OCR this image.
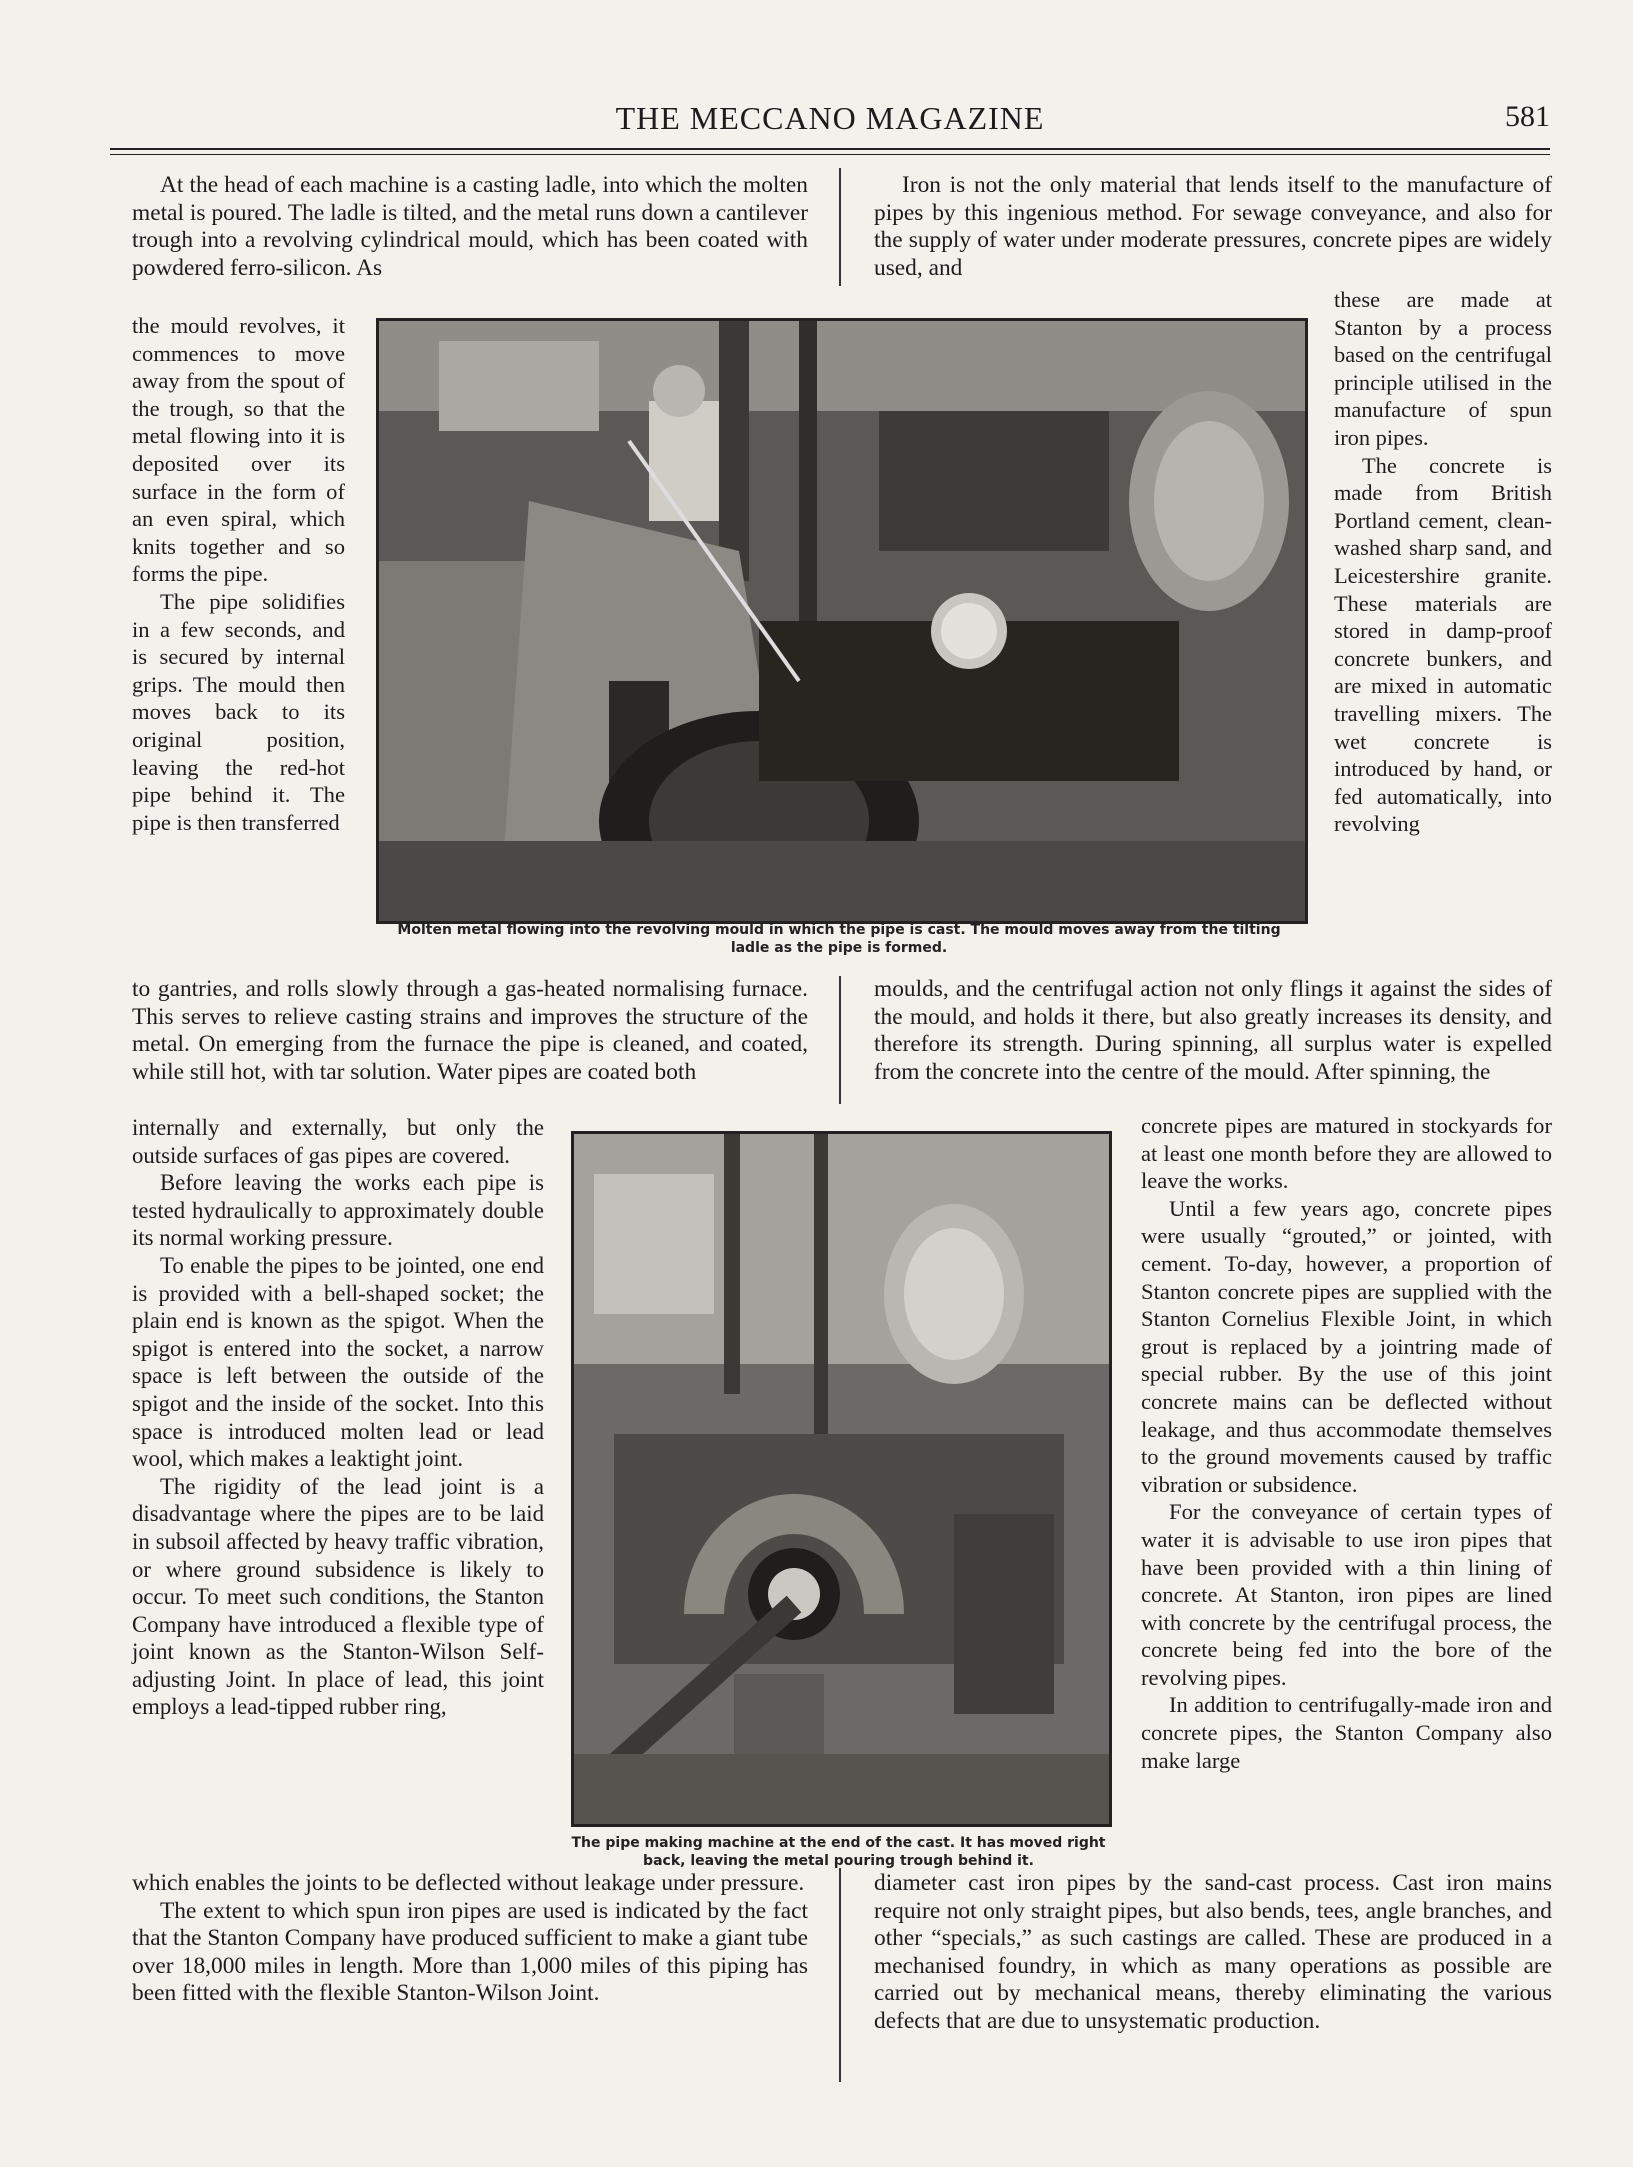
THE MECCANO MAGAZINE	581

At the head of each machine is a casting ladle, into which the molten metal is poured. The ladle is tilted, and the metal runs down a cantilever trough into a revolving cylindrical mould, which has been coated with powdered ferro-silicon. As

the mould revolves, it commences to move away from the spout of the trough, so that the metal flowing into it is deposited over its surface in the form of an even spiral, which knits together and so forms the pipe.

The pipe solidifies in a few seconds, and is secured by internal grips. The mould then moves back to its original position, leaving the red-hot pipe behind it. The pipe is then transferred

to gantries, and rolls slowly through a gas-heated normalising furnace. This serves to relieve casting strains and improves the structure of the metal. On emerging from the furnace the pipe is cleaned, and coated, while still hot, with tar solution. Water pipes are coated both

internally and externally, but only the outside surfaces of gas pipes are covered.

Before leaving the works each pipe is tested hydraulically to approximately double its normal working pressure.

To enable the pipes to be jointed, one end is provided with a bell-shaped socket; the plain end is known as the spigot. When the spigot is entered into the socket, a narrow space is left between the outside of the spigot and the inside of the socket. Into this space is introduced molten lead or lead wool, which makes a leaktight joint.

The rigidity of the lead joint is a disadvantage where the pipes are to be laid in subsoil affected by heavy traffic vibration, or where ground subsidence is likely to occur. To meet such conditions, the Stanton Company have introduced a flexible type of joint known as the Stanton-Wilson Self-adjusting Joint. In place of lead, this joint employs a lead-tipped rubber ring,

which enables the joints to be deflected without leakage under pressure.

The extent to which spun iron pipes are used is indicated by the fact that the Stanton Company have produced sufficient to make a giant tube over 18,000 miles in length. More than 1,000 miles of this piping has been fitted with the flexible Stanton-Wilson Joint.

Iron is not the only material that lends itself to the manufacture of pipes by this ingenious method. For sewage conveyance, and also for the supply of water under moderate pressures, concrete pipes are widely used, and

these are made at Stanton by a process based on the centrifugal principle utilised in the manufacture of spun iron pipes.

The concrete is made from British Portland cement, clean-washed sharp sand, and Leicestershire granite. These materials are stored in damp-proof concrete bunkers, and are mixed in automatic travelling mixers. The wet concrete is introduced by hand, or fed automatically, into revolving

moulds, and the centrifugal action not only flings it against the sides of the mould, and holds it there, but also greatly increases its density, and therefore its strength. During spinning, all surplus water is expelled from the concrete into the centre of the mould. After spinning, the

concrete pipes are matured in stockyards for at least one month before they are allowed to leave the works.

Until a few years ago, concrete pipes were usually “grouted,” or jointed, with cement. To-day, however, a proportion of Stanton concrete pipes are supplied with the Stanton Cornelius Flexible Joint, in which grout is replaced by a jointring made of special rubber. By the use of this joint concrete mains can be deflected without leakage, and thus accommodate themselves to the ground movements caused by traffic vibration or subsidence.

For the conveyance of certain types of water it is advisable to use iron pipes that have been provided with a thin lining of concrete. At Stanton, iron pipes are lined with concrete by the centrifugal process, the concrete being fed into the bore of the revolving pipes.

In addition to centrifugally-made iron and concrete pipes, the Stanton Company also make large

diameter cast iron pipes by the sand-cast process. Cast iron mains require not only straight pipes, but also bends, tees, angle branches, and other “specials,” as such castings are called. These are produced in a mechanised foundry, in which as many operations as possible are carried out by mechanical means, thereby eliminating the various defects that are due to unsystematic production.

Molten metal flowing into the revolving mould in which the pipe is cast. The mould moves away from the tilting ladle as the pipe is formed.
The pipe making machine at the end of the cast. It has moved right back, leaving the metal pouring trough behind it.
